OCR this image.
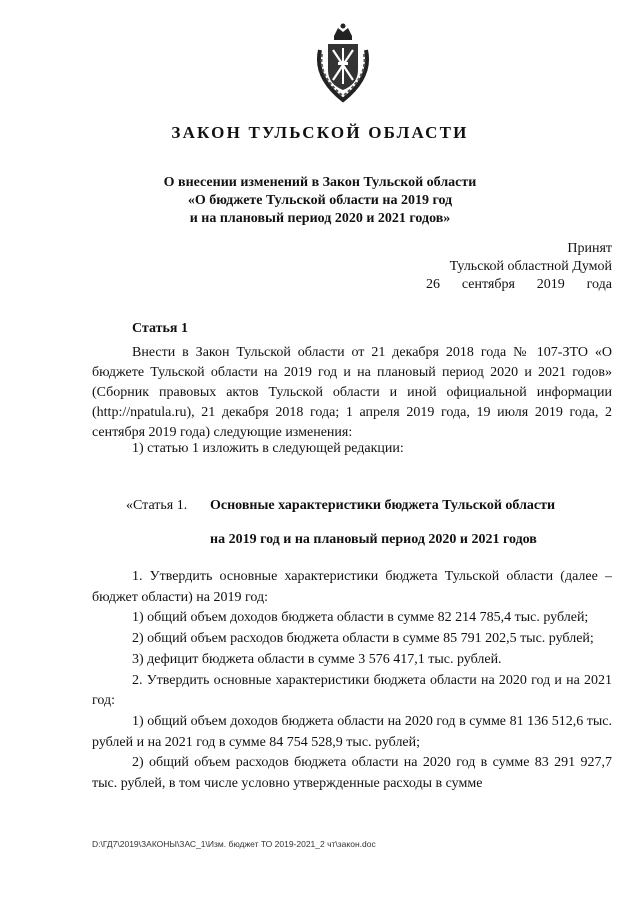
ЗАКОН ТУЛЬСКОЙ ОБЛАСТИ
О внесении изменений в Закон Тульской области
«О бюджете Тульской области на 2019 год
и на плановый период 2020 и 2021 годов»
Принят
Тульской областной Думой
26 сентября 2019 года
Статья 1

Внести в Закон Тульской области от 21 декабря 2018 года № 107-ЗТО «О бюджете Тульской области на 2019 год и на плановый период 2020 и 2021 годов» (Сборник правовых актов Тульской области и иной официальной информации (http://npatula.ru), 21 декабря 2018 года; 1 апреля 2019 года, 19 июля 2019 года, 2 сентября 2019 года) следующие изменения:

1) статью 1 изложить в следующей редакции:
«Статья 1. Основные характеристики бюджета Тульской области
на 2019 год и на плановый период 2020 и 2021 годов

1. Утвердить основные характеристики бюджета Тульской области (далее – бюджет области) на 2019 год:

1) общий объем доходов бюджета области в сумме 82 214 785,4 тыс. рублей;

2) общий объем расходов бюджета области в сумме 85 791 202,5 тыс. рублей;

3) дефицит бюджета области в сумме 3 576 417,1 тыс. рублей.

2. Утвердить основные характеристики бюджета области на 2020 год и на 2021 год:

1) общий объем доходов бюджета области на 2020 год в сумме 81 136 512,6 тыс. рублей и на 2021 год в сумме 84 754 528,9 тыс. рублей;

2) общий объем расходов бюджета области на 2020 год в сумме 83 291 927,7 тыс. рублей, в том числе условно утвержденные расходы в сумме

D:\ГД7\2019\ЗАКОНЫ\ЗАС_1\Изм. бюджет ТО 2019-2021_2 чт\закон.doc
